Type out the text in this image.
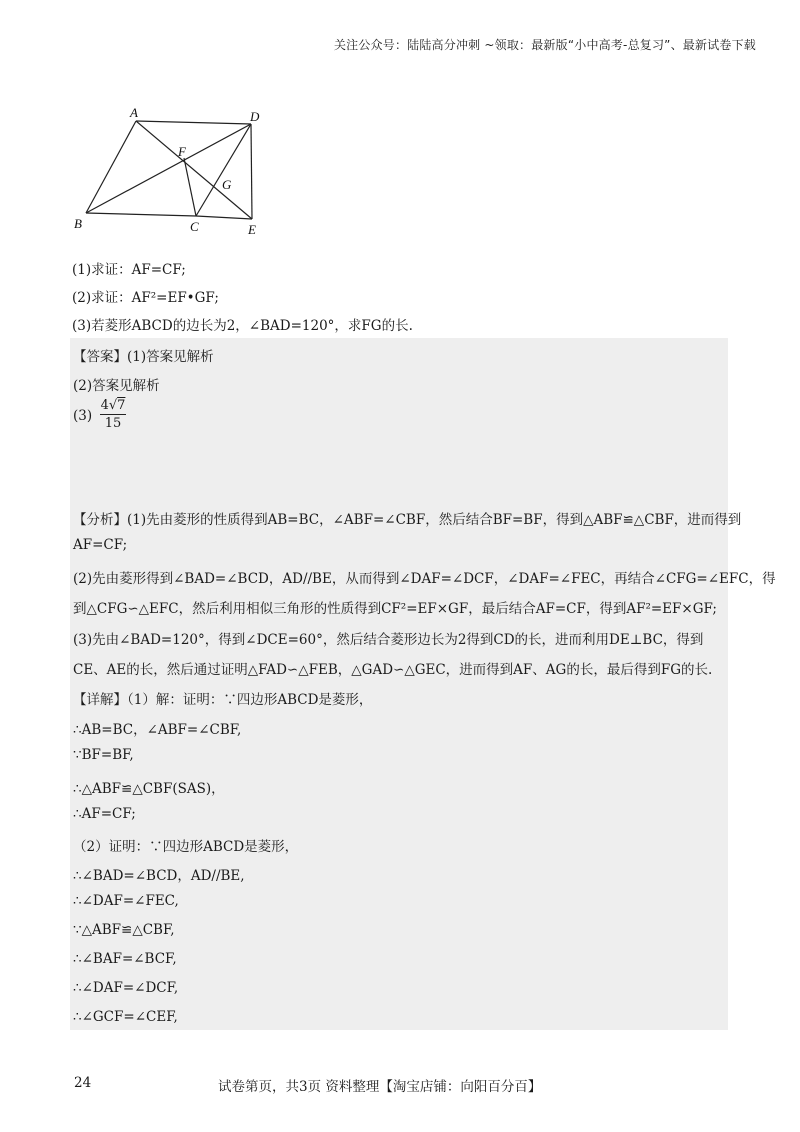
关注公众号：陆陆高分冲刺 ~领取：最新版“小中高考-总复习”、最新试卷下载
A	D
F
G
B	C	E
(1)求证：AF=CF;
(2)求证：AF²=EF•GF;
(3)若菱形ABCD的边长为2，∠BAD=120°，求FG的长.
【答案】(1)答案见解析
(2)答案见解析
$(3) \frac{4√7}{15}$
【分析】(1)先由菱形的性质得到AB=BC，∠ABF=∠CBF，然后结合BF=BF，得到△ABF≌△CBF，进而得到
AF=CF;
(2)先由菱形得到∠BAD=∠BCD，AD//BE，从而得到∠DAF=∠DCF，∠DAF=∠FEC，再结合∠CFG=∠EFC，得
到△CFG∽△EFC，然后利用相似三角形的性质得到CF²=EF×GF，最后结合AF=CF，得到AF²=EF×GF;
(3)先由∠BAD=120°，得到∠DCE=60°，然后结合菱形边长为2得到CD的长，进而利用DE⊥BC，得到
CE、AE的长，然后通过证明△FAD∽△FEB，△GAD∽△GEC，进而得到AF、AG的长，最后得到FG的长.
【详解】（1）解：证明：∵四边形ABCD是菱形，
∴AB=BC，∠ABF=∠CBF,
∵BF=BF,
∴△ABF≌△CBF(SAS)，
∴AF=CF;
（2）证明：∵四边形ABCD是菱形，
∴∠BAD=∠BCD，AD//BE,
∴∠DAF=∠FEC,
∵△ABF≌△CBF,
∴∠BAF=∠BCF,
∴∠DAF=∠DCF,
∴∠GCF=∠CEF,
24	试卷第页，共3页 资料整理【淘宝店铺：向阳百分百】
